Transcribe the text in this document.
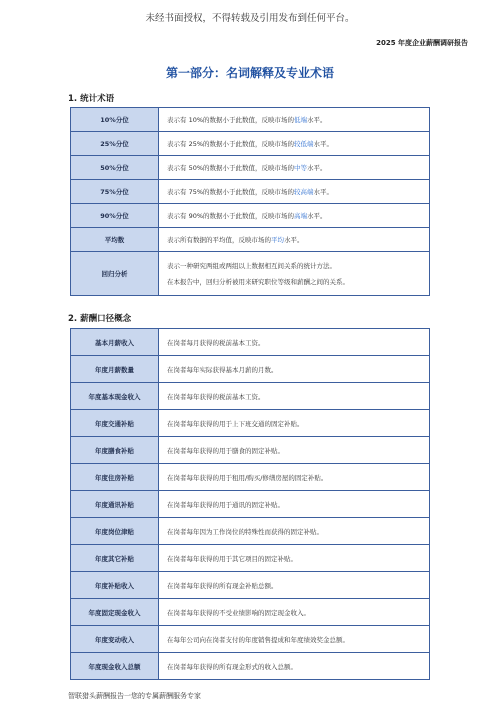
未经书面授权，不得转载及引用发布到任何平台。
2025 年度企业薪酬调研报告
第一部分：名词解释及专业术语
1. 统计术语
10%分位	表示有 10%的数据小于此数值，反映市场的低端水平。
25%分位	表示有 25%的数据小于此数值，反映市场的较低端水平。
50%分位	表示有 50%的数据小于此数值，反映市场的中等水平。
75%分位	表示有 75%的数据小于此数值，反映市场的较高端水平。
90%分位	表示有 90%的数据小于此数值，反映市场的高端水平。
平均数	表示所有数据的平均值，反映市场的平均水平。
回归分析	表示一种研究两组或两组以上数据相互间关系的统计方法。
在本报告中，回归分析被用来研究职位等级和薪酬之间的关系。
2. 薪酬口径概念
基本月薪收入	在岗者每月获得的税前基本工资。
年度月薪数量	在岗者每年实际获得基本月薪的月数。
年度基本现金收入	在岗者每年获得的税前基本工资。
年度交通补贴	在岗者每年获得的用于上下班交通的固定补贴。
年度膳食补贴	在岗者每年获得的用于膳食的固定补贴。
年度住房补贴	在岗者每年获得的用于租用/购买/修缮房屋的固定补贴。
年度通讯补贴	在岗者每年获得的用于通讯的固定补贴。
年度岗位津贴	在岗者每年因为工作岗位的特殊性而获得的固定补贴。
年度其它补贴	在岗者每年获得的用于其它项目的固定补贴。
年度补贴收入	在岗者每年获得的所有现金补贴总额。
年度固定现金收入	在岗者每年获得的不受业绩影响的固定现金收入。
年度变动收入	在每年公司向在岗者支付的年度销售提成和年度绩效奖金总额。
年度现金收入总额	在岗者每年获得的所有现金形式的收入总额。
智联猎头薪酬报告一您的专属薪酬服务专家
